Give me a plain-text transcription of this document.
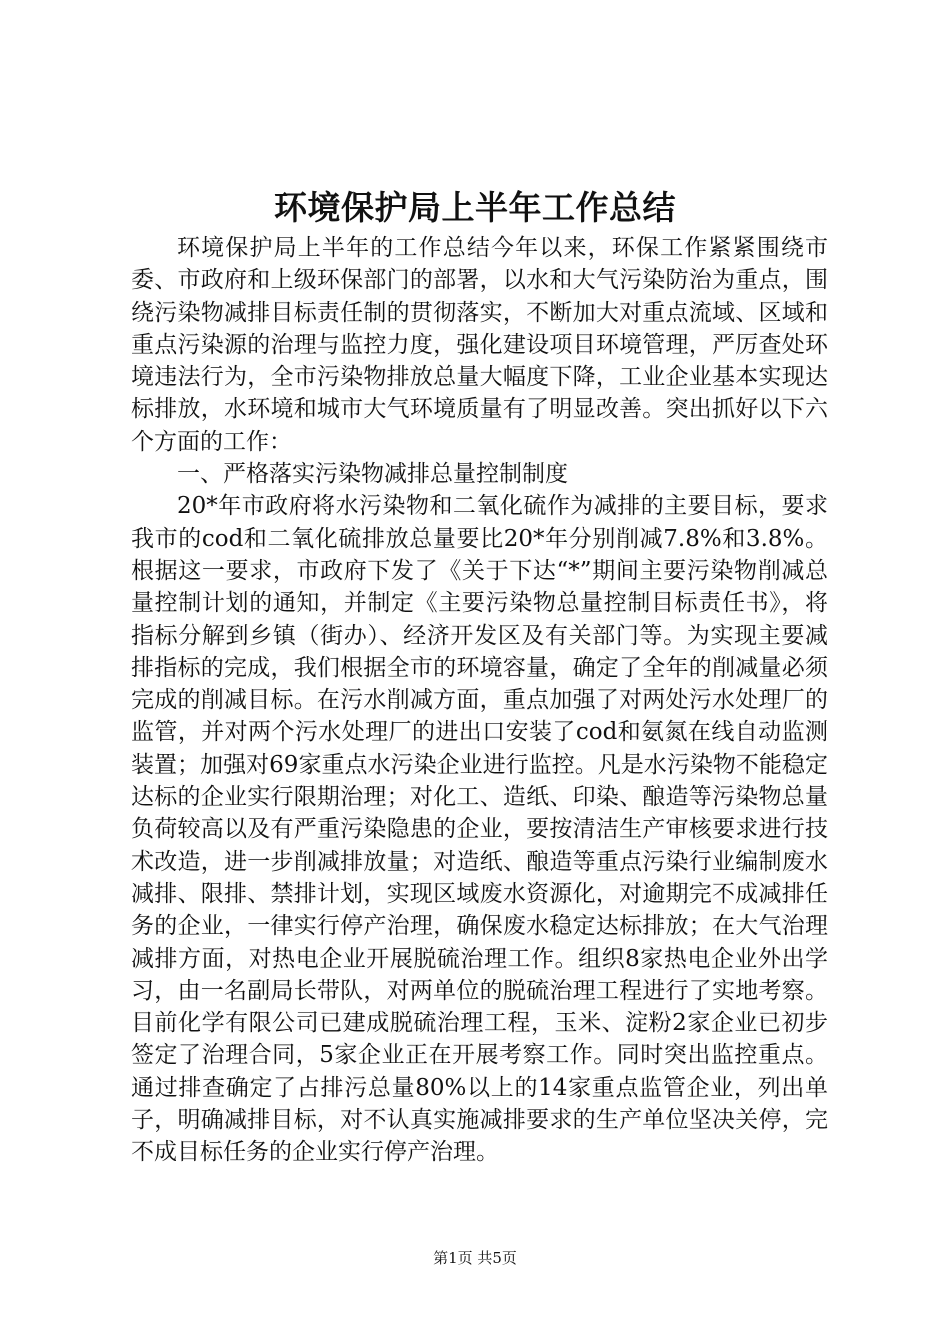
环境保护局上半年工作总结

环境保护局上半年的工作总结今年以来，环保工作紧紧围绕市委、市政府和上级环保部门的部署，以水和大气污染防治为重点，围绕污染物减排目标责任制的贯彻落实，不断加大对重点流域、区域和重点污染源的治理与监控力度，强化建设项目环境管理，严厉查处环境违法行为，全市污染物排放总量大幅度下降，工业企业基本实现达标排放，水环境和城市大气环境质量有了明显改善。突出抓好以下六个方面的工作：

一、严格落实污染物减排总量控制制度

20*年市政府将水污染物和二氧化硫作为减排的主要目标，要求我市的cod和二氧化硫排放总量要比20*年分别削减7.8%和3.8%。根据这一要求，市政府下发了《关于下达“*”期间主要污染物削减总量控制计划的通知，并制定《主要污染物总量控制目标责任书》，将指标分解到乡镇（街办）、经济开发区及有关部门等。为实现主要减排指标的完成，我们根据全市的环境容量，确定了全年的削减量必须完成的削减目标。在污水削减方面，重点加强了对两处污水处理厂的监管，并对两个污水处理厂的进出口安装了cod和氨氮在线自动监测装置；加强对69家重点水污染企业进行监控。凡是水污染物不能稳定达标的企业实行限期治理；对化工、造纸、印染、酿造等污染物总量负荷较高以及有严重污染隐患的企业，要按清洁生产审核要求进行技术改造，进一步削减排放量；对造纸、酿造等重点污染行业编制废水减排、限排、禁排计划，实现区域废水资源化，对逾期完不成减排任务的企业，一律实行停产治理，确保废水稳定达标排放；在大气治理减排方面，对热电企业开展脱硫治理工作。组织8家热电企业外出学习，由一名副局长带队，对两单位的脱硫治理工程进行了实地考察。目前化学有限公司已建成脱硫治理工程，玉米、淀粉2家企业已初步签定了治理合同，5家企业正在开展考察工作。同时突出监控重点。通过排查确定了占排污总量80%以上的14家重点监管企业，列出单子，明确减排目标，对不认真实施减排要求的生产单位坚决关停，完不成目标任务的企业实行停产治理。

第1页 共5页
